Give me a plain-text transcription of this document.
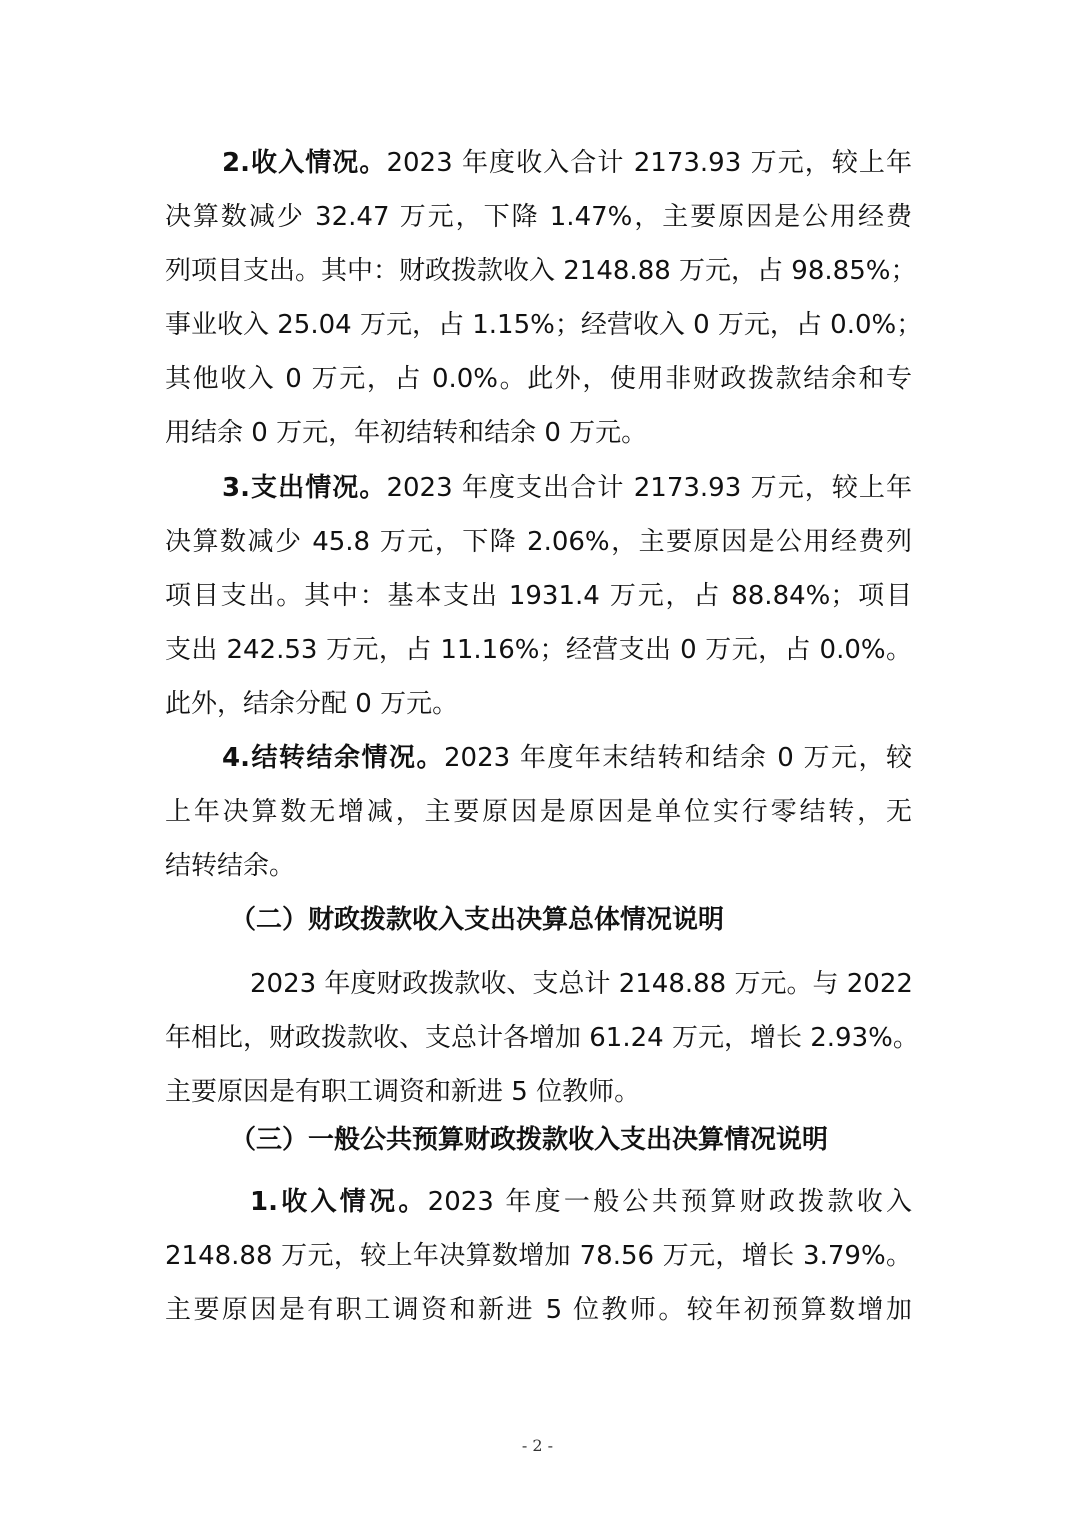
2.收入情况。2023 年度收入合计 2173.93 万元，较上年
决算数减少 32.47 万元，下降 1.47%，主要原因是公用经费
列项目支出。其中：财政拨款收入 2148.88 万元，占 98.85%；
事业收入 25.04 万元，占 1.15%；经营收入 0 万元，占 0.0%；
其他收入 0 万元，占 0.0%。此外，使用非财政拨款结余和专
用结余 0 万元，年初结转和结余 0 万元。
3.支出情况。2023 年度支出合计 2173.93 万元，较上年
决算数减少 45.8 万元，下降 2.06%，主要原因是公用经费列
项目支出。其中：基本支出 1931.4 万元，占 88.84%；项目
支出 242.53 万元，占 11.16%；经营支出 0 万元，占 0.0%。
此外，结余分配 0 万元。
4.结转结余情况。2023 年度年末结转和结余 0 万元，较
上年决算数无增减，主要原因是原因是单位实行零结转，无
结转结余。
（二）财政拨款收入支出决算总体情况说明
2023 年度财政拨款收、支总计 2148.88 万元。与 2022
年相比，财政拨款收、支总计各增加 61.24 万元，增长 2.93%。
主要原因是有职工调资和新进 5 位教师。
（三）一般公共预算财政拨款收入支出决算情况说明
1.收入情况。2023 年度一般公共预算财政拨款收入
2148.88 万元，较上年决算数增加 78.56 万元，增长 3.79%。
主要原因是有职工调资和新进 5 位教师。较年初预算数增加
- 2 -
